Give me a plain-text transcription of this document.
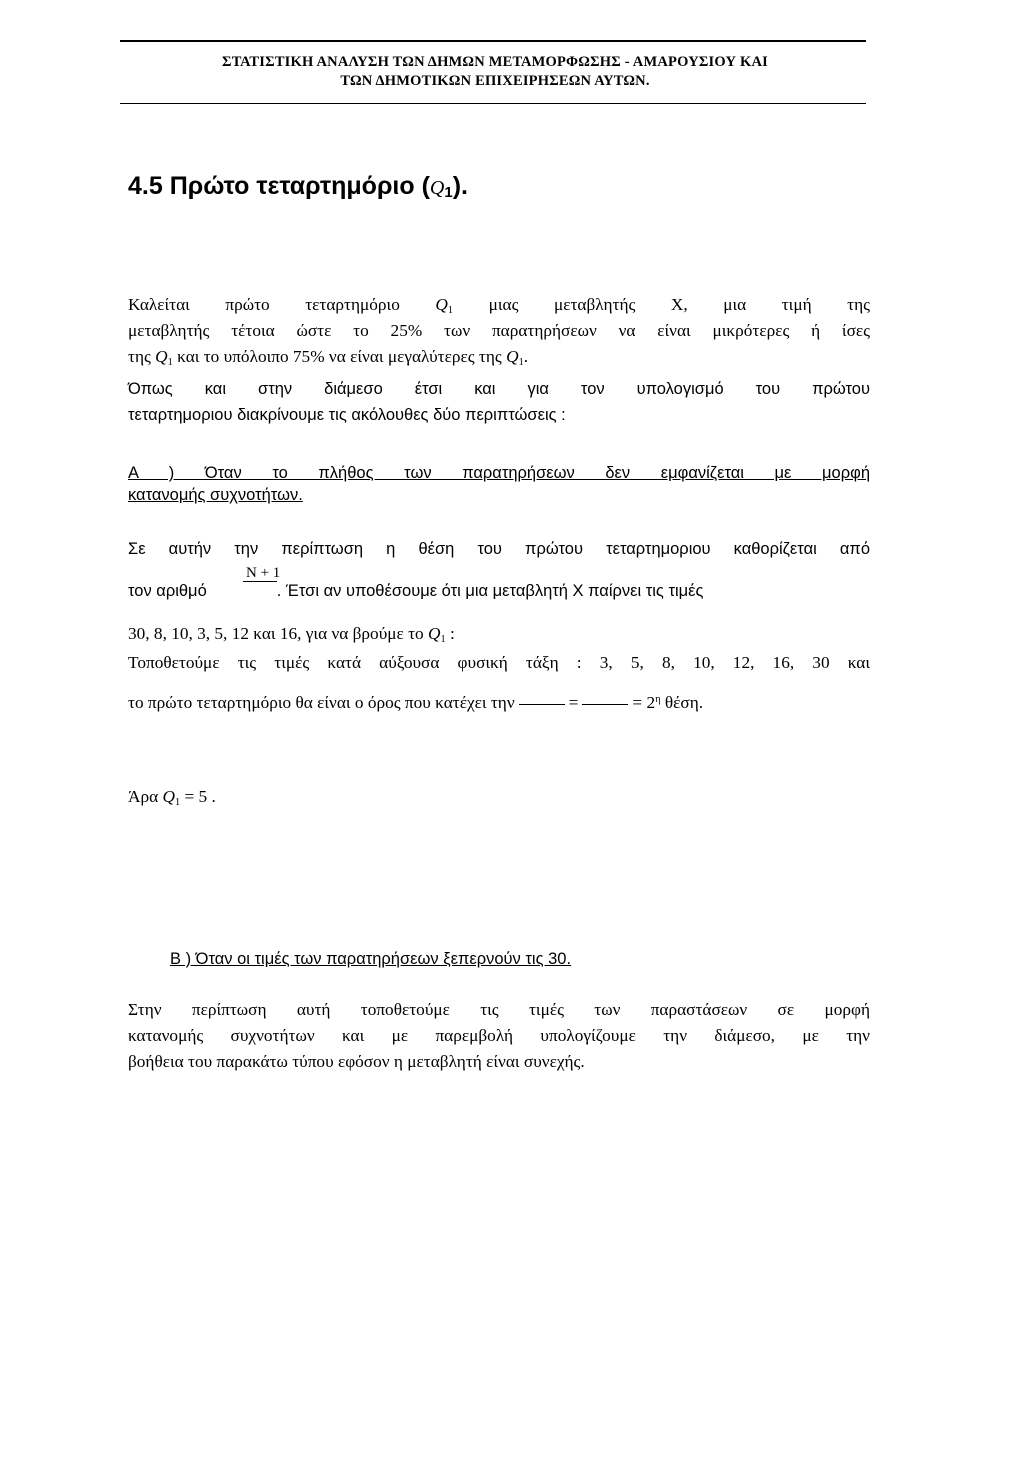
ΣΤΑΤΙΣΤΙΚΗ ΑΝΑΛΥΣΗ ΤΩΝ ΔΗΜΩΝ ΜΕΤΑΜΟΡΦΩΣΗΣ - ΑΜΑΡΟΥΣΙΟΥ ΚΑΙ
ΤΩΝ ΔΗΜΟΤΙΚΩΝ ΕΠΙΧΕΙΡΗΣΕΩΝ ΑΥΤΩΝ.
4.5 Πρώτο τεταρτημόριο $(Q_1)$.
Καλείται πρώτο τεταρτημόριο $Q_1$ μιας μεταβλητής Χ, μια τιμή της
μεταβλητής τέτοια ώστε το 25% των παρατηρήσεων να είναι μικρότερες ή ίσες
της $Q_1$ και το υπόλοιπο 75% να είναι μεγαλύτερες της $Q_1$.
Όπως και στην διάμεσο έτσι και για τον υπολογισμό του πρώτου
τεταρτημοριου διακρίνουμε τις ακόλουθες δύο περιπτώσεις :
Α ) Όταν το πλήθος των παρατηρήσεων δεν εμφανίζεται με μορφή
κατανομής συχνοτήτων.
Σε αυτήν την περίπτωση η θέση του πρώτου τεταρτημοριου καθορίζεται από
τον αριθμό	. Έτσι αν υποθέσουμε ότι μια μεταβλητή Χ παίρνει τις τιμές
N + 1
30, 8, 10, 3, 5, 12 και 16, για να βρούμε το $Q_1$ :
Τοποθετούμε τις τιμές κατά αύξουσα φυσική τάξη : 3, 5, 8, 10, 12, 16, 30 και
το πρώτο τεταρτημόριο θα είναι ο όρος που κατέχει την	=	= $2^\eta$ θέση.
Άρα $Q_1 = 5$ .
Β ) Όταν οι τιμές των παρατηρήσεων ξεπερνούν τις 30.
Στην περίπτωση αυτή τοποθετούμε τις τιμές των παραστάσεων σε μορφή
κατανομής συχνοτήτων και με παρεμβολή υπολογίζουμε την διάμεσο, με την
βοήθεια του παρακάτω τύπου εφόσον η μεταβλητή είναι συνεχής.
